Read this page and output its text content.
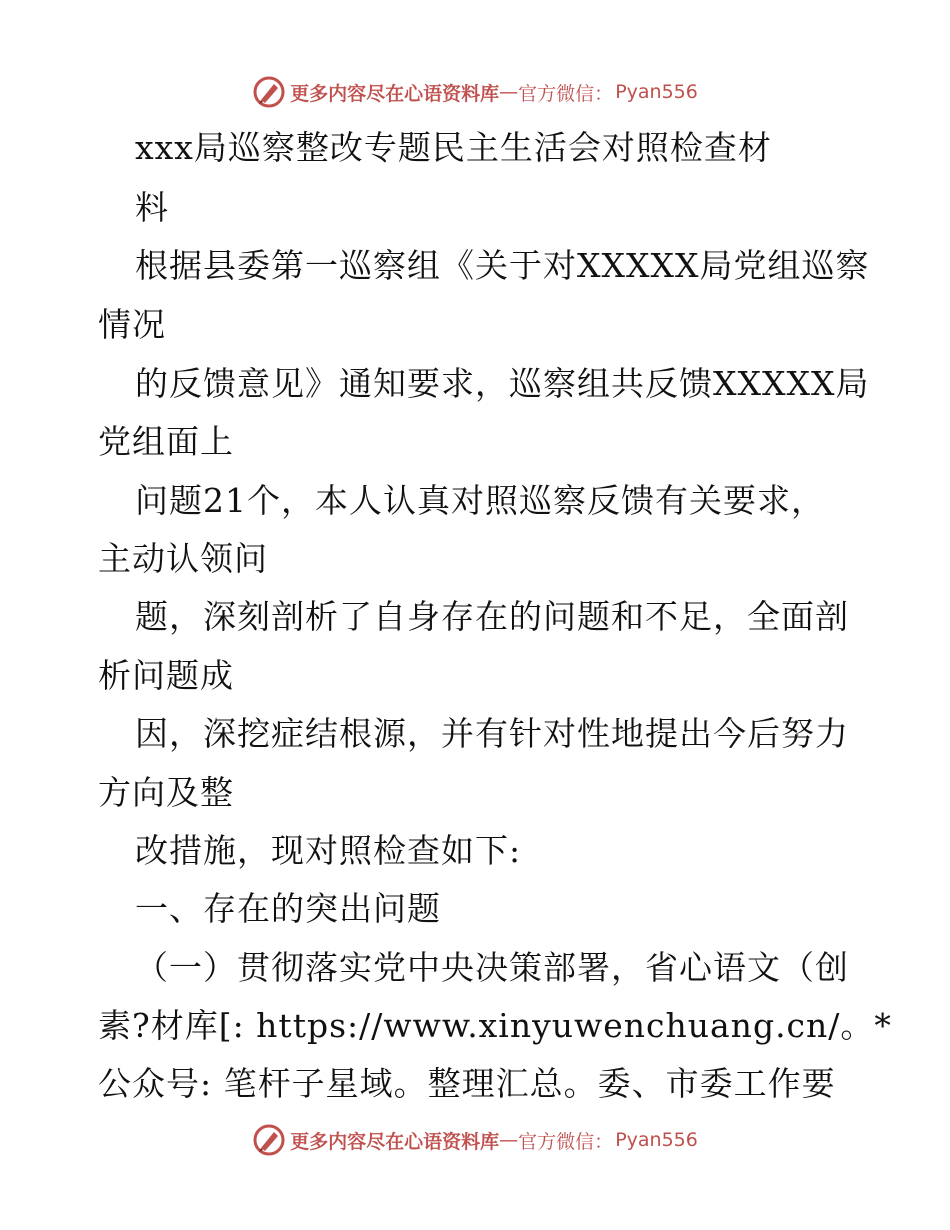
更多内容尽在心语资料库 — 官方微信： Pyan556
xxx局巡察整改专题民主生活会对照检查材
料
根据县委第一巡察组《关于对XXXXX局党组巡察
情况
的反馈意见》通知要求，巡察组共反馈XXXXX局
党组面上
问题21个，本人认真对照巡察反馈有关要求，
主动认领问
题，深刻剖析了自身存在的问题和不足，全面剖
析问题成
因，深挖症结根源，并有针对性地提出今后努力
方向及整
改措施，现对照检查如下:
一、存在的突出问题
（一）贯彻落实党中央决策部署，省心语文（创
素?材库[: https://www.xinyuwenchuang.cn/。*
公众号: 笔杆子星域。整理汇总。委、市委工作要
更多内容尽在心语资料库 — 官方微信： Pyan556
